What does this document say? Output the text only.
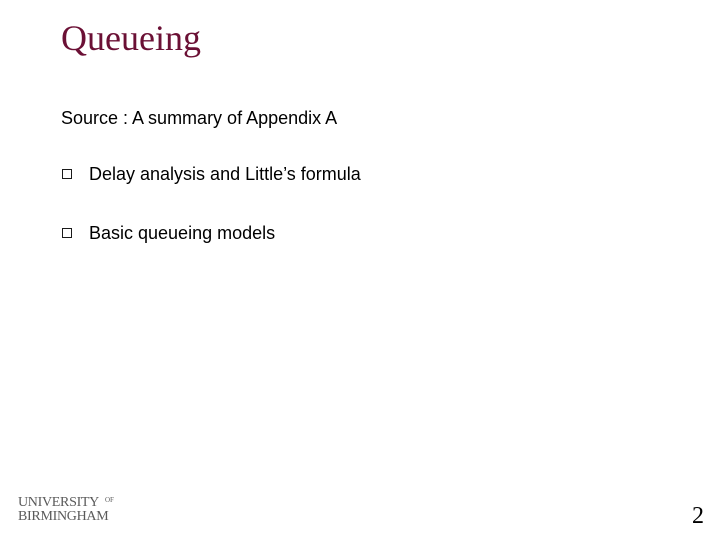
Queueing
Source : A summary of Appendix A
Delay analysis and Little’s formula
Basic queueing models
UNIVERSITY OF
BIRMINGHAM	2
